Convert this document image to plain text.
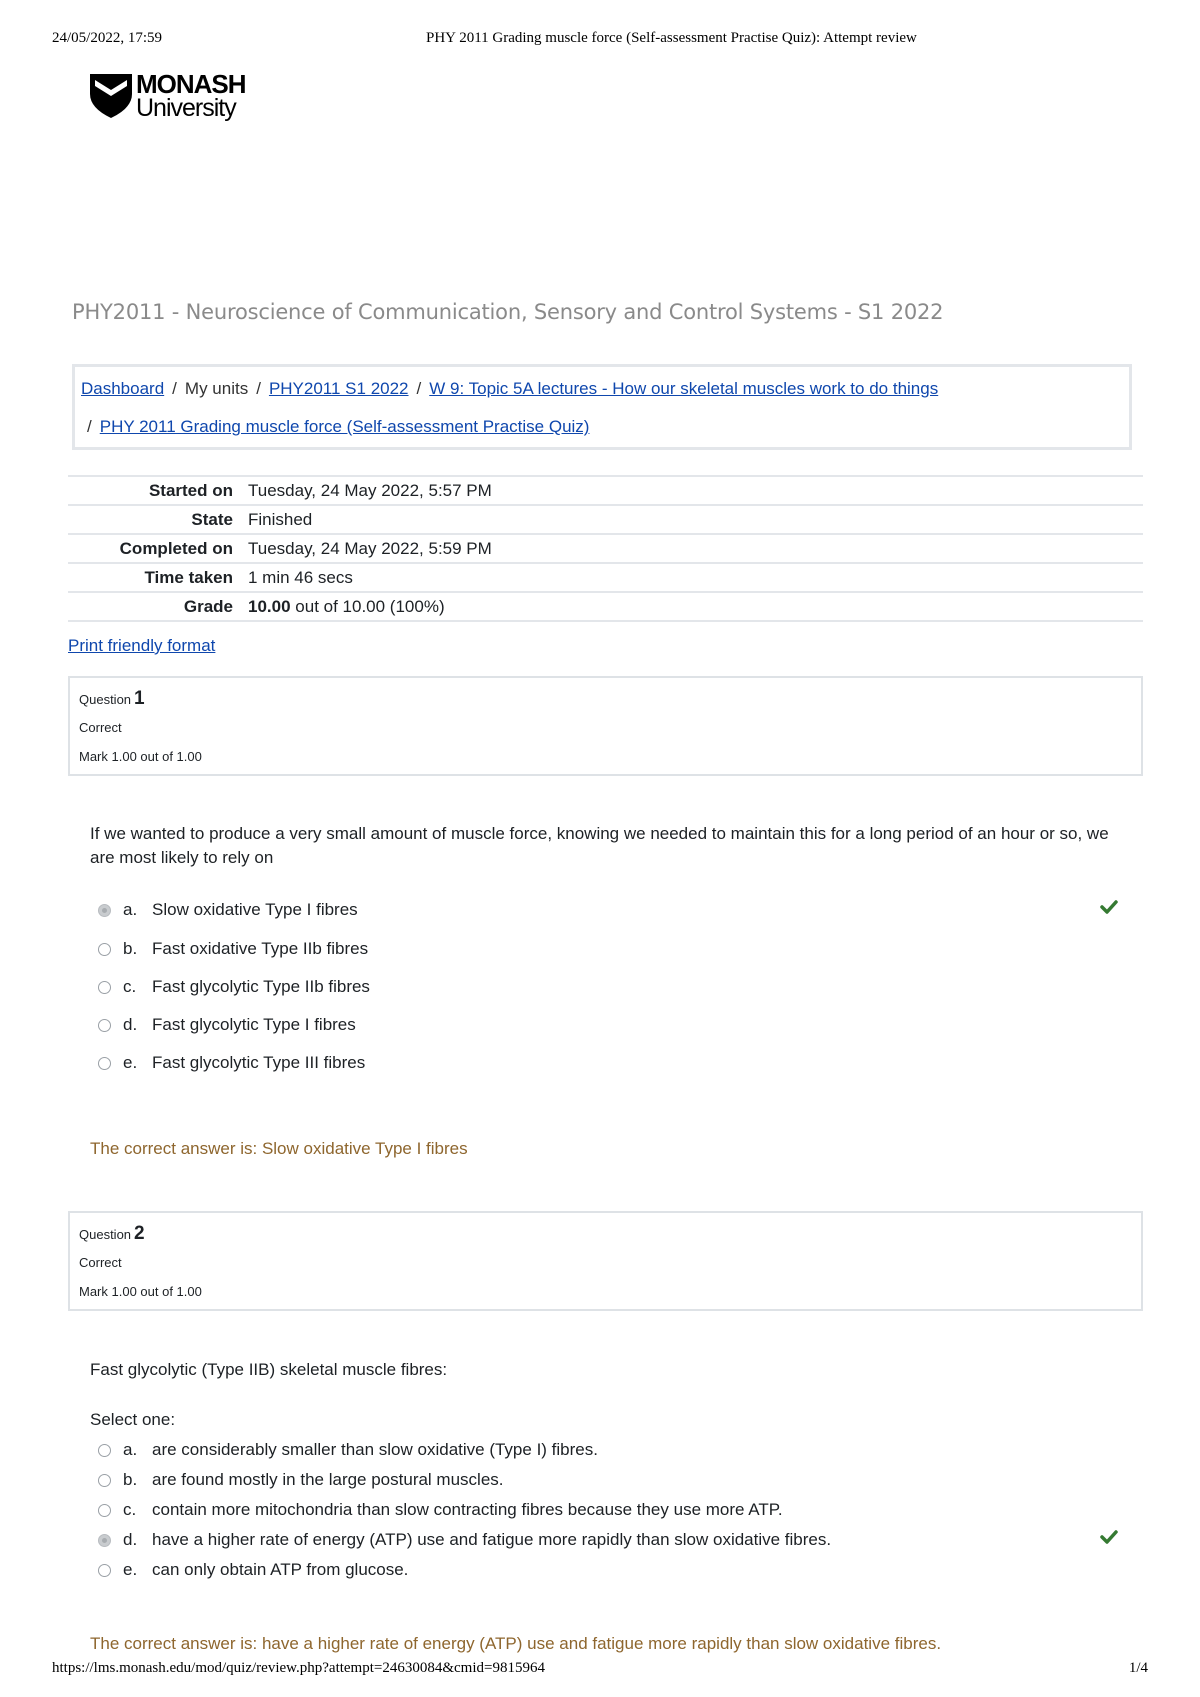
24/05/2022, 17:59	PHY 2011 Grading muscle force (Self-assessment Practise Quiz): Attempt review
MONASH
University
PHY2011 - Neuroscience of Communication, Sensory and Control Systems - S1 2022
Dashboard / My units / PHY2011 S1 2022 / W 9: Topic 5A lectures - How our skeletal muscles work to do things
/ PHY 2011 Grading muscle force (Self-assessment Practise Quiz)
Started on Tuesday, 24 May 2022, 5:57 PM
State Finished
Completed on Tuesday, 24 May 2022, 5:59 PM
Time taken 1 min 46 secs
Grade 10.00 out of 10.00 (100%)
Print friendly format
Question 1
Correct
Mark 1.00 out of 1.00
If we wanted to produce a very small amount of muscle force, knowing we needed to maintain this for a long period of an hour or so, we are most likely to rely on
a. Slow oxidative Type I fibres
b. Fast oxidative Type IIb fibres
c. Fast glycolytic Type IIb fibres
d. Fast glycolytic Type I fibres
e. Fast glycolytic Type III fibres
The correct answer is: Slow oxidative Type I fibres
Question 2
Correct
Mark 1.00 out of 1.00
Fast glycolytic (Type IIB) skeletal muscle fibres:
Select one:
a. are considerably smaller than slow oxidative (Type I) fibres.
b. are found mostly in the large postural muscles.
c. contain more mitochondria than slow contracting fibres because they use more ATP.
d. have a higher rate of energy (ATP) use and fatigue more rapidly than slow oxidative fibres.
e. can only obtain ATP from glucose.
The correct answer is: have a higher rate of energy (ATP) use and fatigue more rapidly than slow oxidative fibres.
https://lms.monash.edu/mod/quiz/review.php?attempt=24630084&cmid=9815964	1/4
